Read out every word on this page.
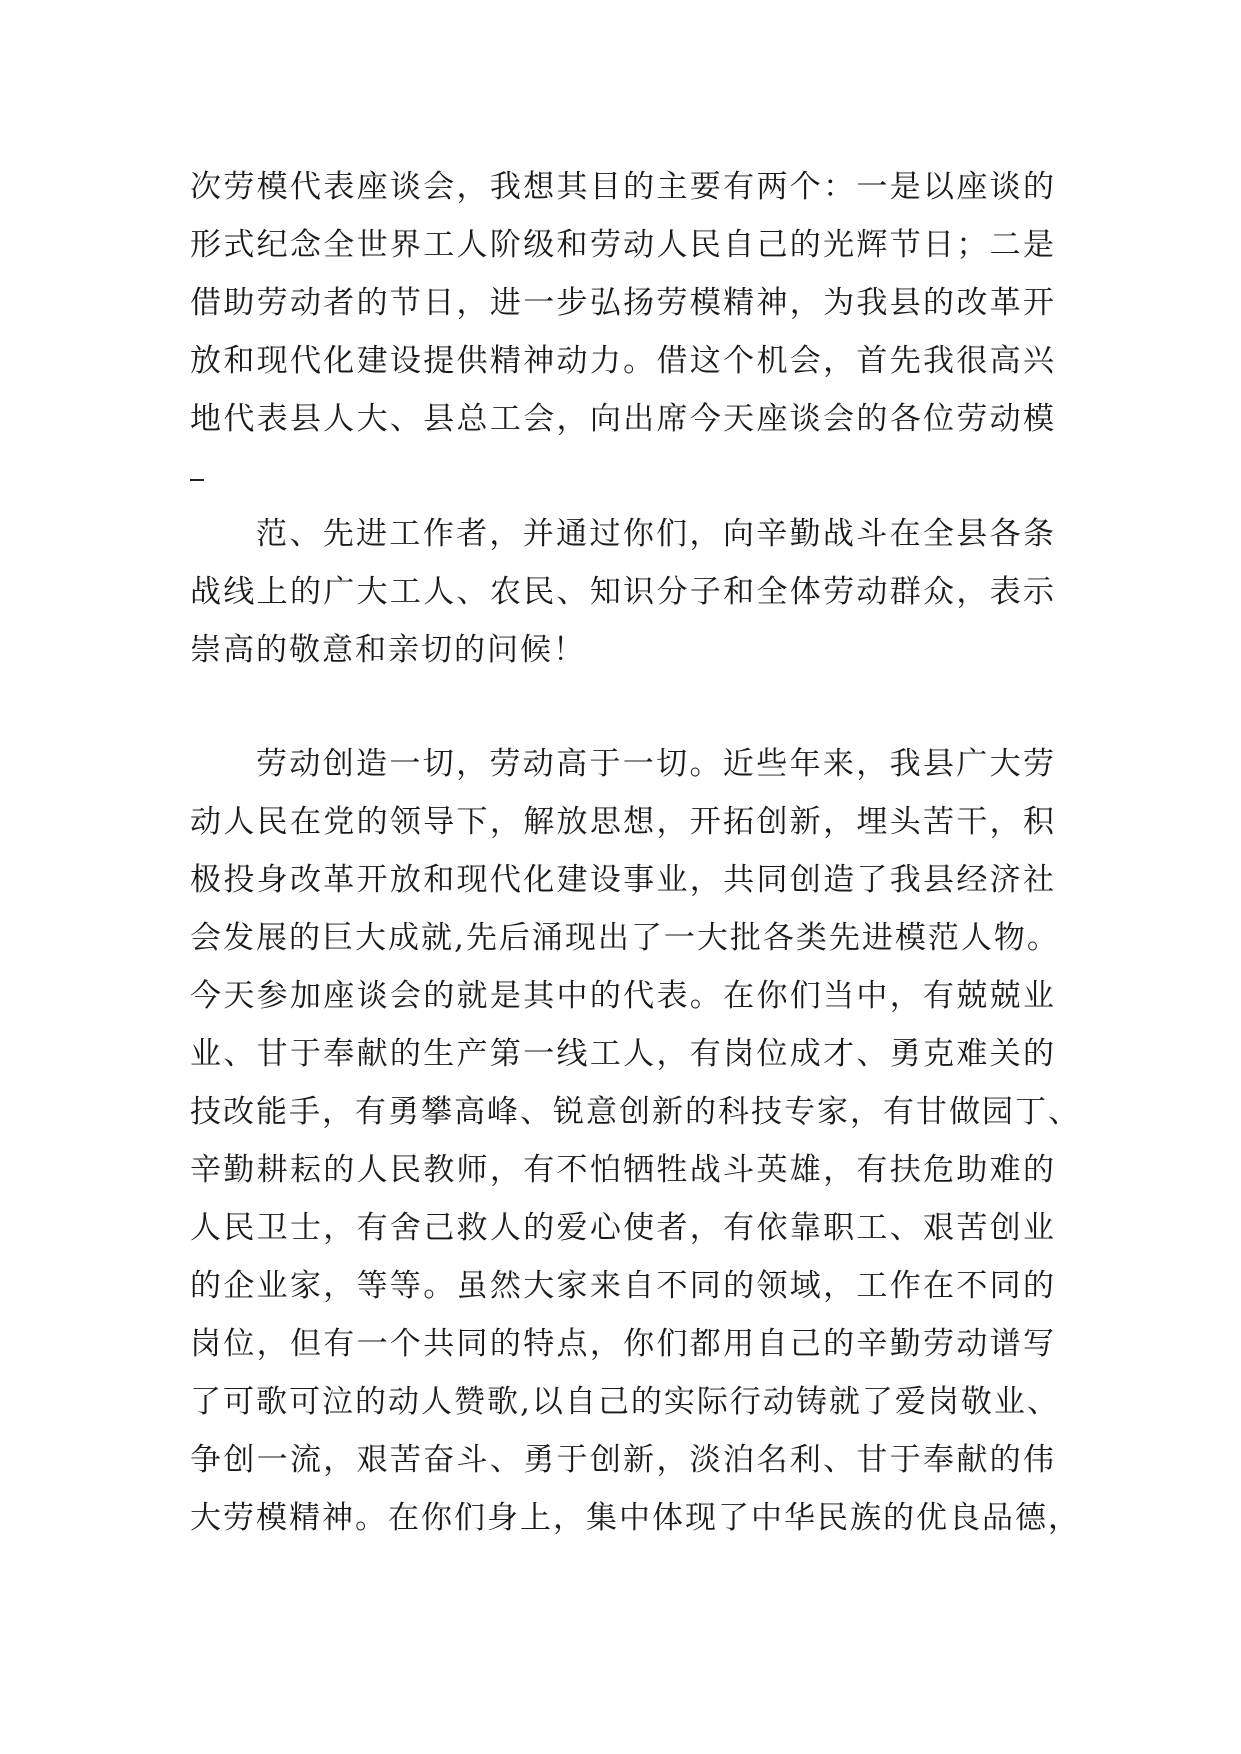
次劳模代表座谈会，我想其目的主要有两个：一是以座谈的
形式纪念全世界工人阶级和劳动人民自己的光辉节日；二是
借助劳动者的节日，进一步弘扬劳模精神，为我县的改革开
放和现代化建设提供精神动力。借这个机会，首先我很高兴
地代表县人大、县总工会，向出席今天座谈会的各位劳动模
范、先进工作者，并通过你们，向辛勤战斗在全县各条
战线上的广大工人、农民、知识分子和全体劳动群众，表示
崇高的敬意和亲切的问候！
劳动创造一切，劳动高于一切。近些年来，我县广大劳
动人民在党的领导下，解放思想，开拓创新，埋头苦干，积
极投身改革开放和现代化建设事业，共同创造了我县经济社
会发展的巨大成就,先后涌现出了一大批各类先进模范人物。
今天参加座谈会的就是其中的代表。在你们当中，有兢兢业
业、甘于奉献的生产第一线工人，有岗位成才、勇克难关的
技改能手，有勇攀高峰、锐意创新的科技专家，有甘做园丁、
辛勤耕耘的人民教师，有不怕牺牲战斗英雄，有扶危助难的
人民卫士，有舍己救人的爱心使者，有依靠职工、艰苦创业
的企业家，等等。虽然大家来自不同的领域，工作在不同的
岗位，但有一个共同的特点，你们都用自己的辛勤劳动谱写
了可歌可泣的动人赞歌,以自己的实际行动铸就了爱岗敬业、
争创一流，艰苦奋斗、勇于创新，淡泊名利、甘于奉献的伟
大劳模精神。在你们身上，集中体现了中华民族的优良品德，
